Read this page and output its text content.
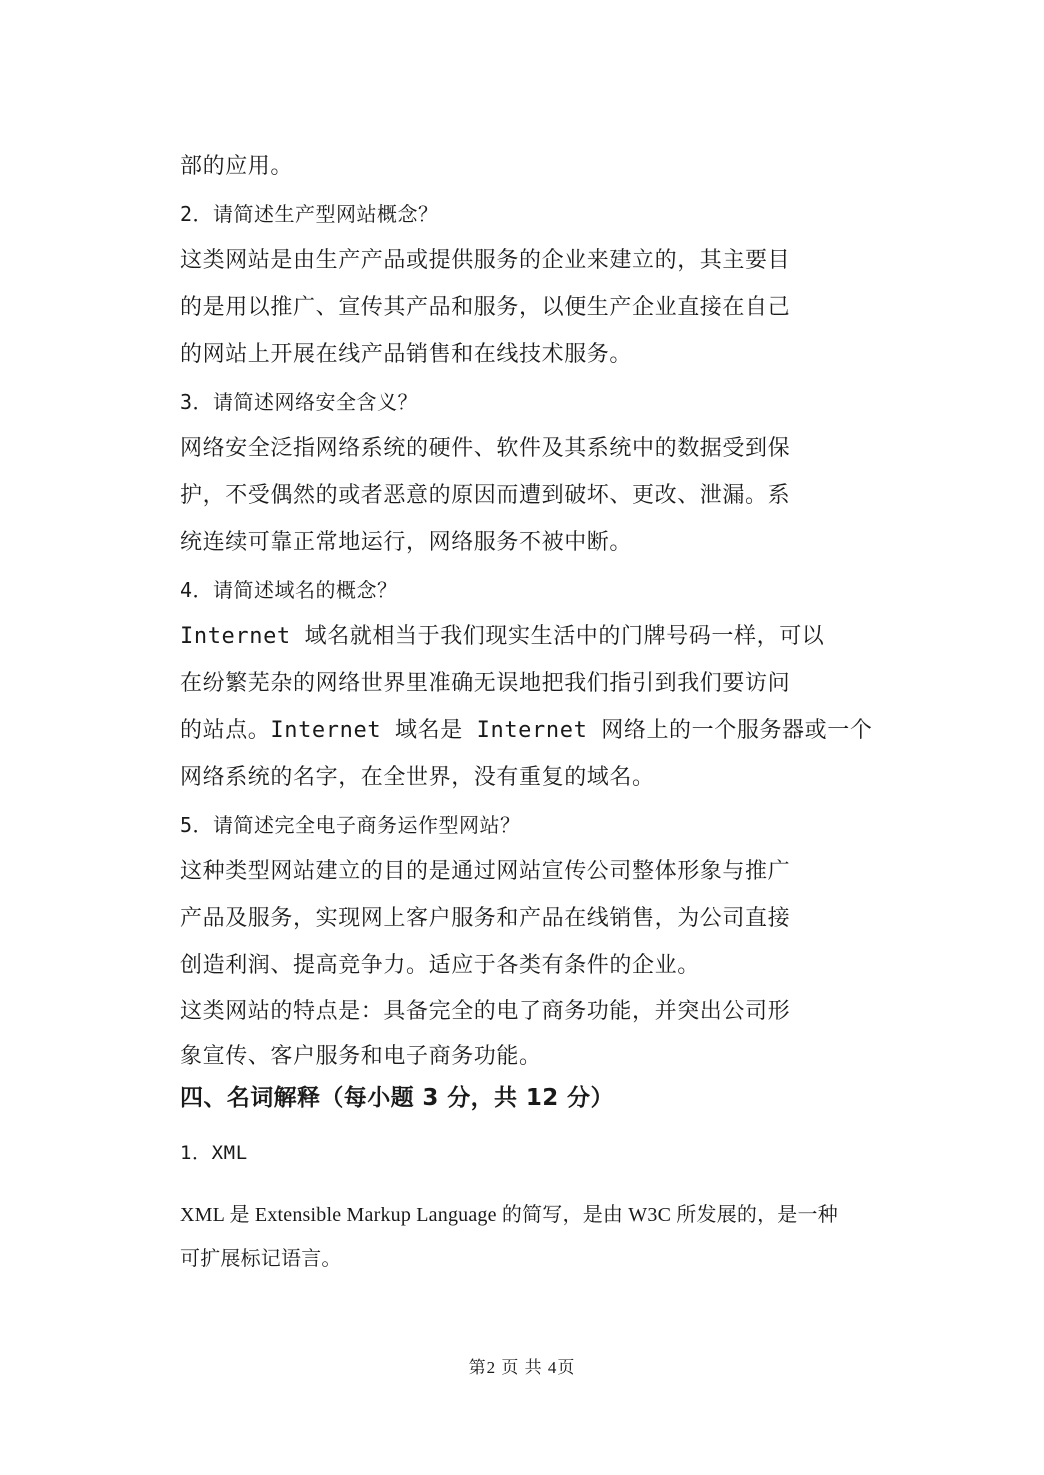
部的应用。
2．请简述生产型网站概念？
这类网站是由生产产品或提供服务的企业来建立的，其主要目
的是用以推广、宣传其产品和服务，以便生产企业直接在自己
的网站上开展在线产品销售和在线技术服务。
3．请简述网络安全含义？
网络安全泛指网络系统的硬件、软件及其系统中的数据受到保
护，不受偶然的或者恶意的原因而遭到破坏、更改、泄漏。系
统连续可靠正常地运行，网络服务不被中断。
4．请简述域名的概念？
Internet 域名就相当于我们现实生活中的门牌号码一样，可以
在纷繁芜杂的网络世界里准确无误地把我们指引到我们要访问
的站点。Internet 域名是 Internet 网络上的一个服务器或一个
网络系统的名字，在全世界，没有重复的域名。
5．请简述完全电子商务运作型网站？
这种类型网站建立的目的是通过网站宣传公司整体形象与推广
产品及服务，实现网上客户服务和产品在线销售，为公司直接
创造利润、提高竞争力。适应于各类有条件的企业。
这类网站的特点是：具备完全的电了商务功能，并突出公司形
象宣传、客户服务和电子商务功能。
四、名词解释（每小题 3 分，共 12 分）
1．XML
XML 是 Extensible Markup Language 的简写，是由 W3C 所发展的，是一种
可扩展标记语言。
第2 页 共 4页
